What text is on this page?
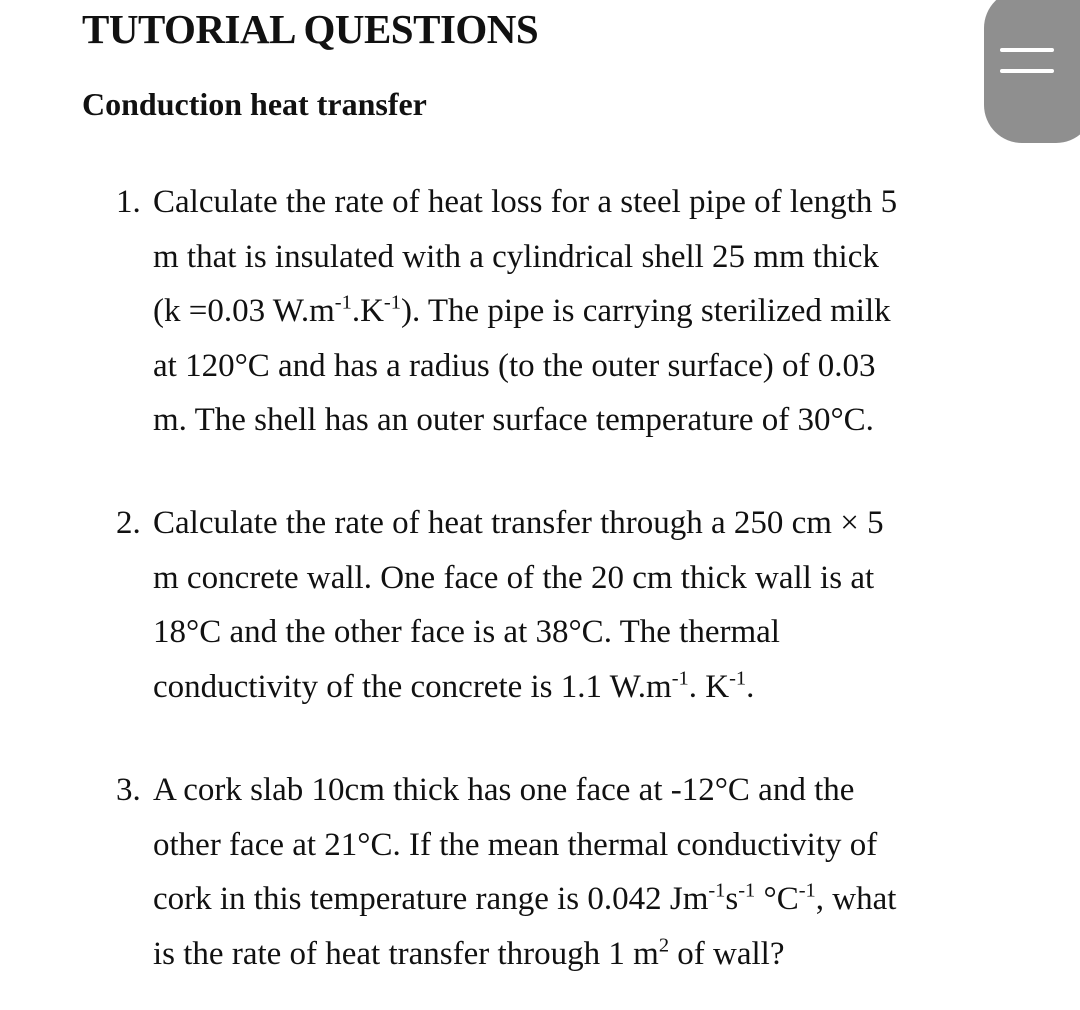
TUTORIAL QUESTIONS
Conduction heat transfer
1. Calculate the rate of heat loss for a steel pipe of length 5
m that is insulated with a cylindrical shell 25 mm thick
(k =0.03 $W.m^{-1}.K^{-1}$). The pipe is carrying sterilized milk
at 120°C and has a radius (to the outer surface) of 0.03
m. The shell has an outer surface temperature of 30°C.
2. Calculate the rate of heat transfer through a 250 cm × 5
m concrete wall. One face of the 20 cm thick wall is at
18°C and the other face is at 38°C. The thermal
conductivity of the concrete is 1.1 $W.m^{-1}$. $K^{-1}$.
3. A cork slab 10cm thick has one face at -12°C and the
other face at 21°C. If the mean thermal conductivity of
cork in this temperature range is 0.042 $Jm^{-1}s^{-1}$ $^\circ C^{-1}$, what
is the rate of heat transfer through 1 $m^2$ of wall?
